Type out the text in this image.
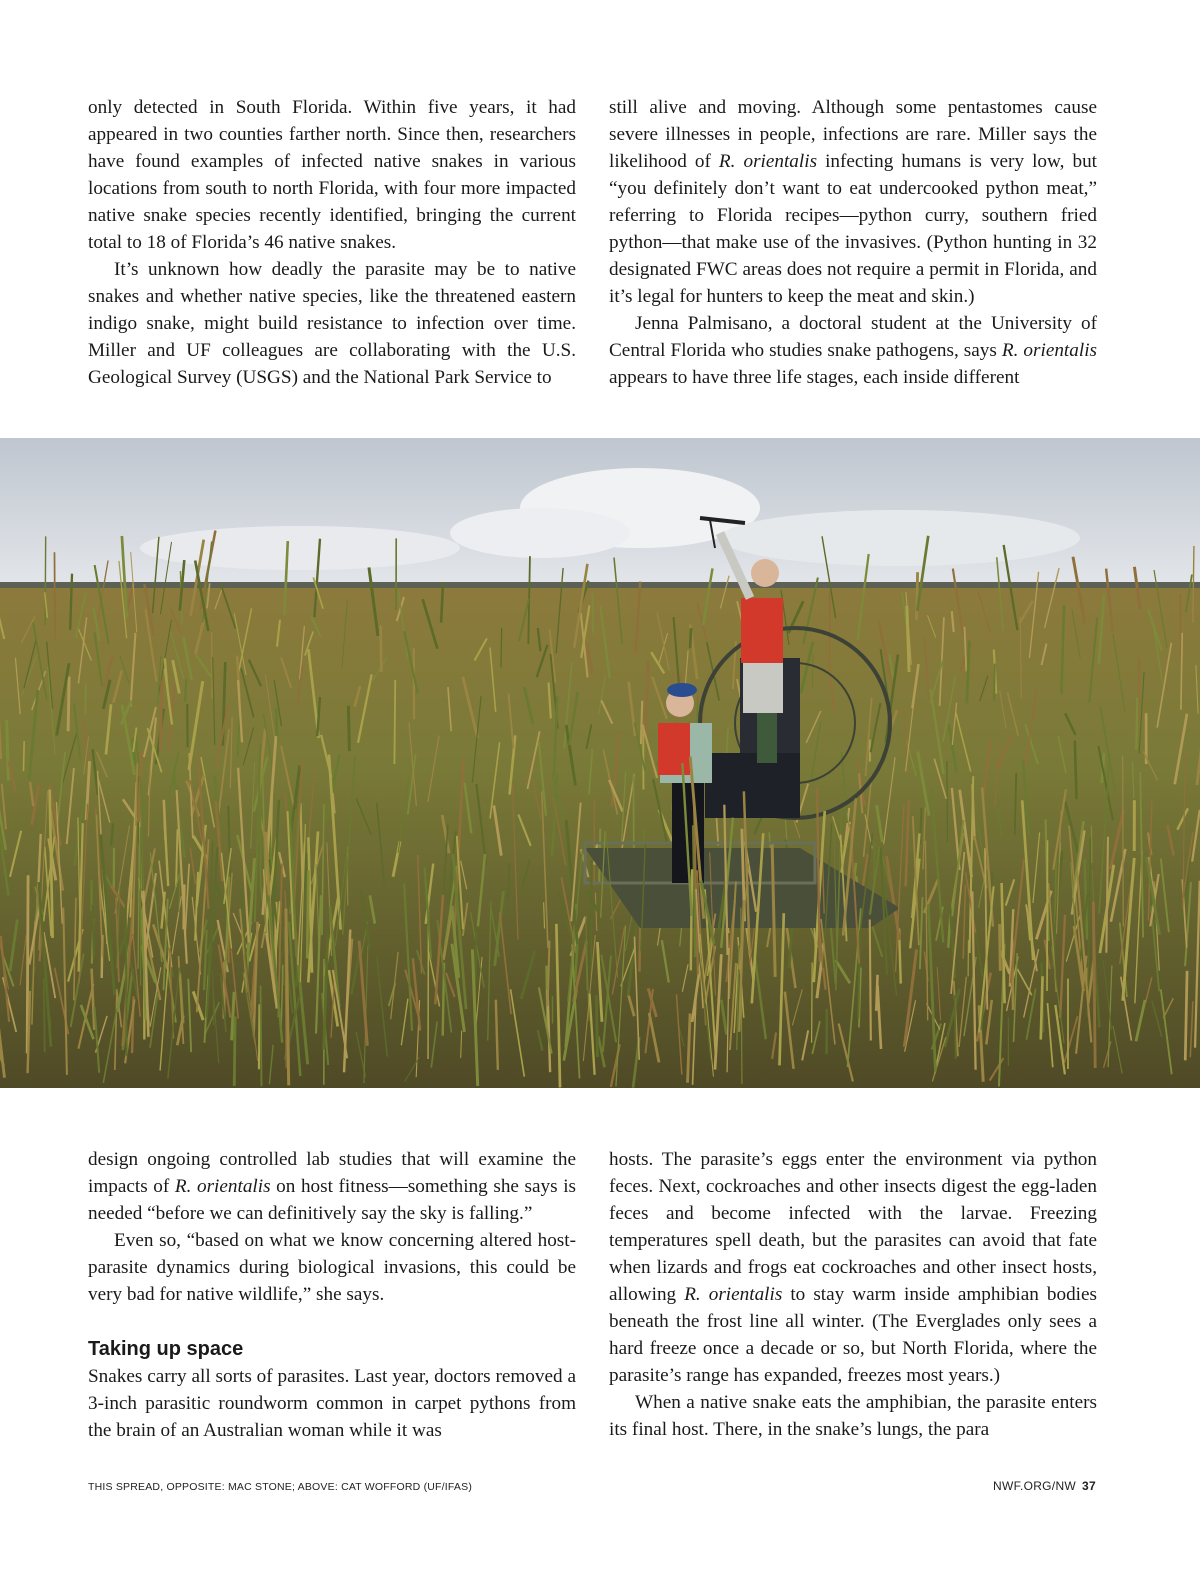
only detected in South Florida. Within five years, it had appeared in two counties farther north. Since then, researchers have found examples of infected native snakes in various locations from south to north Florida, with four more impacted native snake species recently identified, bringing the current total to 18 of Florida’s 46 native snakes.

It’s unknown how deadly the parasite may be to native snakes and whether native species, like the threatened eastern indigo snake, might build resistance to infection over time. Miller and UF colleagues are collaborating with the U.S. Geological Survey (USGS) and the National Park Service to

still alive and moving. Although some pentastomes cause severe illnesses in people, infections are rare. Miller says the likelihood of R. orientalis infecting humans is very low, but “you definitely don’t want to eat undercooked python meat,” referring to Florida recipes—python curry, southern fried python—that make use of the invasives. (Python hunting in 32 designated FWC areas does not require a permit in Florida, and it’s legal for hunters to keep the meat and skin.)

Jenna Palmisano, a doctoral student at the University of Central Florida who studies snake pathogens, says R. orientalis appears to have three life stages, each inside different

design ongoing controlled lab studies that will examine the impacts of R. orientalis on host fitness—something she says is needed “before we can definitively say the sky is falling.”

Even so, “based on what we know concerning altered host-parasite dynamics during biological invasions, this could be very bad for native wildlife,” she says.

Taking up space

Snakes carry all sorts of parasites. Last year, doctors removed a 3-inch parasitic roundworm common in carpet pythons from the brain of an Australian woman while it was

hosts. The parasite’s eggs enter the environment via python feces. Next, cockroaches and other insects digest the egg-laden feces and become infected with the larvae. Freezing temperatures spell death, but the parasites can avoid that fate when lizards and frogs eat cockroaches and other insect hosts, allowing R. orientalis to stay warm inside amphibian bodies beneath the frost line all winter. (The Everglades only sees a hard freeze once a decade or so, but North Florida, where the parasite’s range has expanded, freezes most years.)

When a native snake eats the amphibian, the parasite enters its final host. There, in the snake’s lungs, the para

THIS SPREAD, OPPOSITE: MAC STONE; ABOVE: CAT WOFFORD (UF/IFAS)	NWF.ORG/NW 37
